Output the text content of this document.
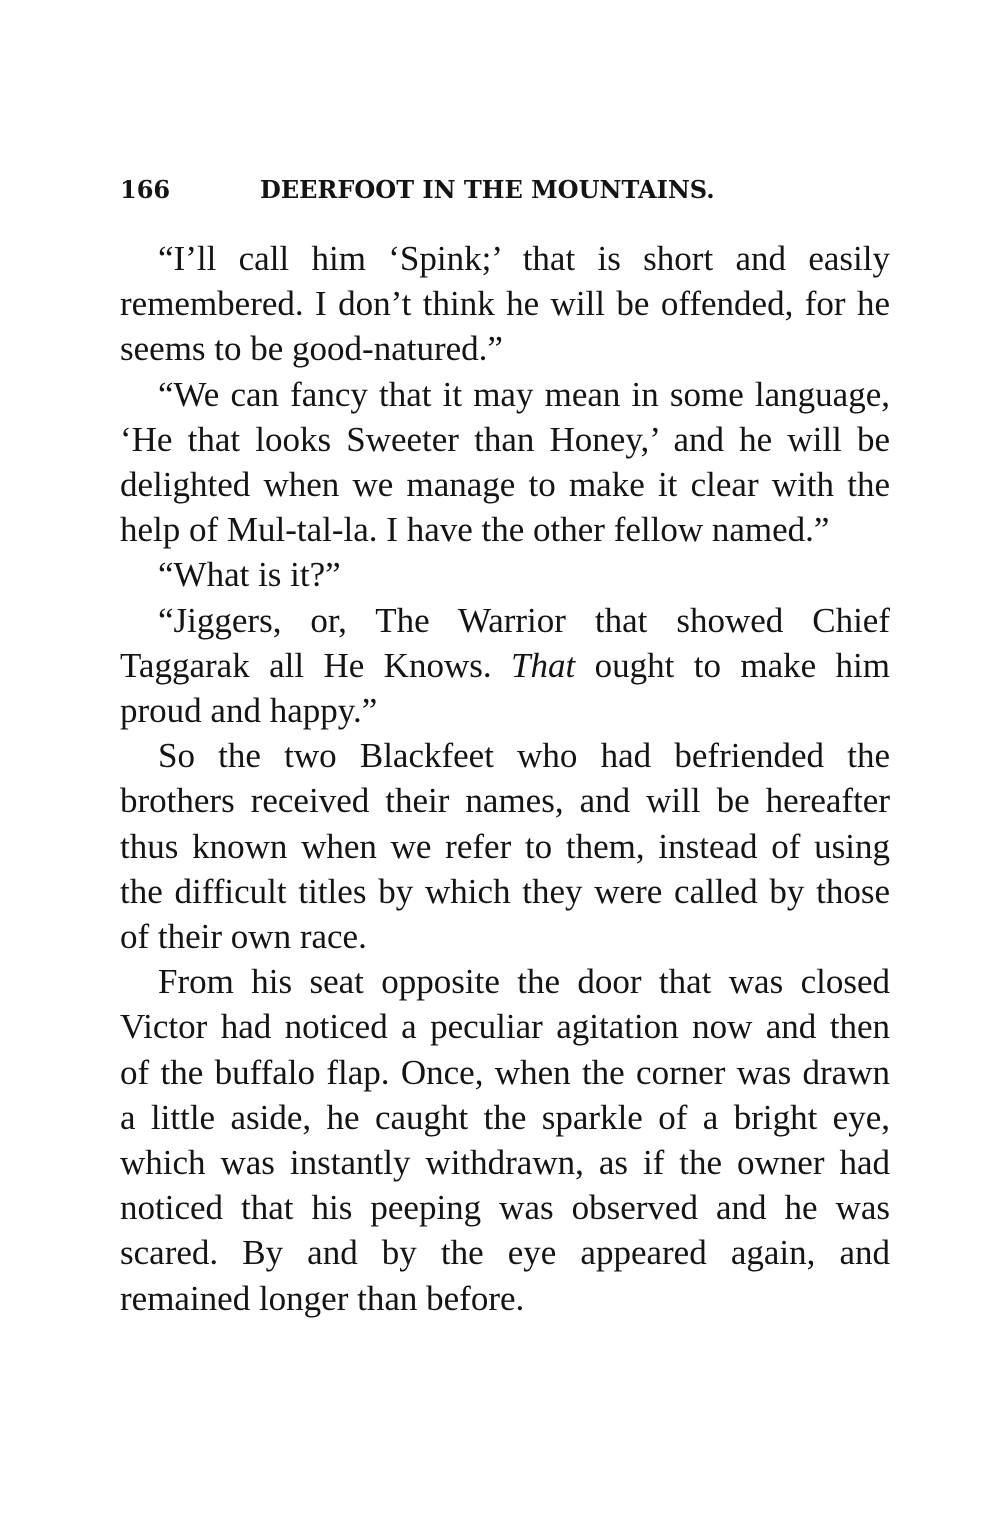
166	DEERFOOT IN THE MOUNTAINS.

“I’ll call him ‘Spink;’ that is short and easily remembered. I don’t think he will be offended, for he seems to be good-natured.”

“We can fancy that it may mean in some language, ‘He that looks Sweeter than Honey,’ and he will be delighted when we manage to make it clear with the help of Mul-tal-la. I have the other fellow named.”

“What is it?”

“Jiggers, or, The Warrior that showed Chief Taggarak all He Knows. That ought to make him proud and happy.”

So the two Blackfeet who had befriended the brothers received their names, and will be hereafter thus known when we refer to them, instead of using the difficult titles by which they were called by those of their own race.

From his seat opposite the door that was closed Victor had noticed a peculiar agitation now and then of the buffalo flap. Once, when the corner was drawn a little aside, he caught the sparkle of a bright eye, which was instantly withdrawn, as if the owner had noticed that his peeping was observed and he was scared. By and by the eye appeared again, and remained longer than before.
